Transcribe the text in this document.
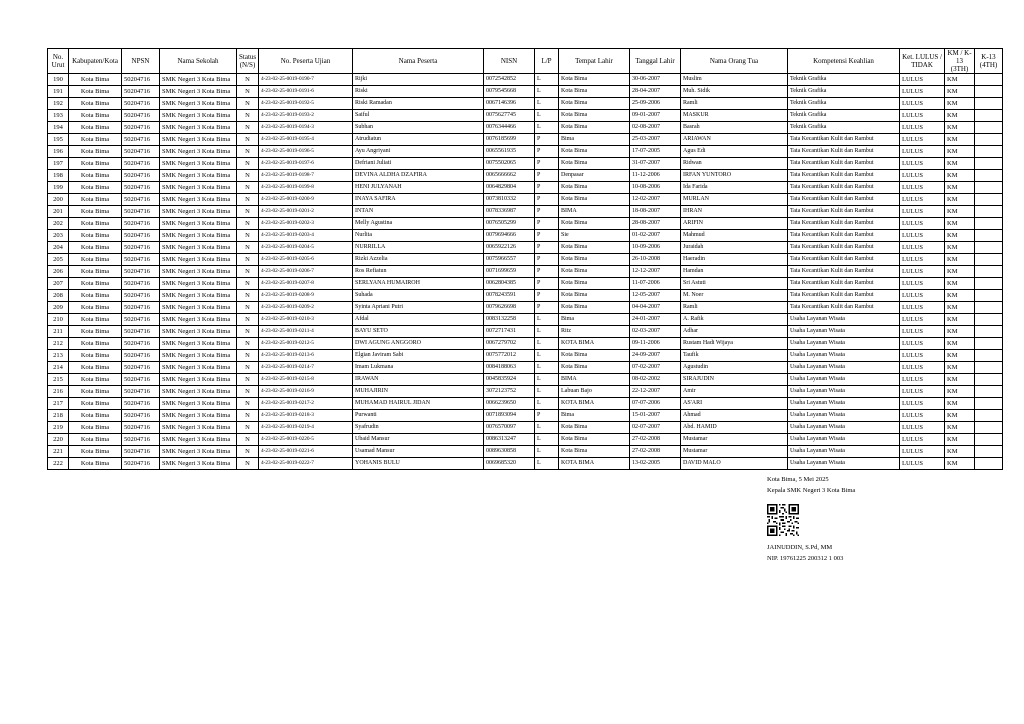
No. Urut	Kabupaten/Kota	NPSN	Nama Sekolah	Status (N/S)	No. Peserta Ujian	Nama Peserta	NISN	L/P	Tempat Lahir	Tanggal Lahir	Nama Orang Tua	Kompetensi Keahlian	Ket. LULUS / TIDAK	KM / K-13 (3TH)	K-13 (4TH)
190	Kota Bima	50204716	SMK Negeri 3 Kota Bima	N	4-23-02-25-0019-0190-7	Rijki	0072542852	L	Kota Bima	30-06-2007	Muslim	Teknik Grafika	LULUS	KM	
191	Kota Bima	50204716	SMK Negeri 3 Kota Bima	N	4-23-02-25-0019-0191-6	Riski	0079545668	L	Kota Bima	28-04-2007	Muh. Sidik	Teknik Grafika	LULUS	KM	
192	Kota Bima	50204716	SMK Negeri 3 Kota Bima	N	4-23-02-25-0019-0192-5	Riski Ramadan	0067146396	L	Kota Bima	25-09-2006	Ramli	Teknik Grafika	LULUS	KM	
193	Kota Bima	50204716	SMK Negeri 3 Kota Bima	N	4-23-02-25-0019-0193-2	Saiful	0075627745	L	Kota Bima	09-01-2007	MASKUR	Teknik Grafika	LULUS	KM	
194	Kota Bima	50204716	SMK Negeri 3 Kota Bima	N	4-23-02-25-0019-0194-3	Subhan	0076344466	L	Kota Bima	02-08-2007	Basrah	Teknik Grafika	LULUS	KM	
195	Kota Bima	50204716	SMK Negeri 3 Kota Bima	N	4-23-02-25-0019-0195-4	Atrudiatun	0076185699	P	Bima	25-03-2007	ARIAWAN	Tata Kecantikan Kulit dan Rambut	LULUS	KM	
196	Kota Bima	50204716	SMK Negeri 3 Kota Bima	N	4-23-02-25-0019-0196-5	Ayu Angriyani	0065561935	P	Kota Bima	17-07-2005	Agus Edi	Tata Kecantikan Kulit dan Rambut	LULUS	KM	
197	Kota Bima	50204716	SMK Negeri 3 Kota Bima	N	4-23-02-25-0019-0197-6	Defriani Juliati	0075502065	P	Kota Bima	31-07-2007	Ridwan	Tata Kecantikan Kulit dan Rambut	LULUS	KM	
198	Kota Bima	50204716	SMK Negeri 3 Kota Bima	N	4-23-02-25-0019-0198-7	DEVINA ALDHA DZAFIRA	0065666662	P	Denpasar	11-12-2006	IRFAN YUNTORO	Tata Kecantikan Kulit dan Rambut	LULUS	KM	
199	Kota Bima	50204716	SMK Negeri 3 Kota Bima	N	4-23-02-25-0019-0199-8	HENI JULYANAH	0064829804	P	Kota Bima	10-08-2006	Ida Farida	Tata Kecantikan Kulit dan Rambut	LULUS	KM	
200	Kota Bima	50204716	SMK Negeri 3 Kota Bima	N	4-23-02-25-0019-0200-9	INAYA SAFIRA	0073810332	P	Kota Bima	12-02-2007	MURLAN	Tata Kecantikan Kulit dan Rambut	LULUS	KM	
201	Kota Bima	50204716	SMK Negeri 3 Kota Bima	N	4-23-02-25-0019-0201-2	INTAN	0078336987	P	BIMA	18-08-2007	IHRAN	Tata Kecantikan Kulit dan Rambut	LULUS	KM	
202	Kota Bima	50204716	SMK Negeri 3 Kota Bima	N	4-23-02-25-0019-0202-3	Melly Agustina	0076505299	P	Kota Bima	28-08-2007	ARIFIN	Tata Kecantikan Kulit dan Rambut	LULUS	KM	
203	Kota Bima	50204716	SMK Negeri 3 Kota Bima	N	4-23-02-25-0019-0203-4	Nurlita	0079694666	P	Sie	01-02-2007	Mahmud	Tata Kecantikan Kulit dan Rambut	LULUS	KM	
204	Kota Bima	50204716	SMK Negeri 3 Kota Bima	N	4-23-02-25-0019-0204-5	NURRILLA	0065922126	P	Kota Bima	10-09-2006	Juraidah	Tata Kecantikan Kulit dan Rambut	LULUS	KM	
205	Kota Bima	50204716	SMK Negeri 3 Kota Bima	N	4-23-02-25-0019-0205-6	Rizki Azzelia	0075966557	P	Kota Bima	26-10-2008	Haeradin	Tata Kecantikan Kulit dan Rambut	LULUS	KM	
206	Kota Bima	50204716	SMK Negeri 3 Kota Bima	N	4-23-02-25-0019-0206-7	Ros Refiatun	0071699659	P	Kota Bima	12-12-2007	Hamdan	Tata Kecantikan Kulit dan Rambut	LULUS	KM	
207	Kota Bima	50204716	SMK Negeri 3 Kota Bima	N	4-23-02-25-0019-0207-8	SERLYANA HUMAIROH	0062804385	P	Kota Bima	11-07-2006	Sri Astuti	Tata Kecantikan Kulit dan Rambut	LULUS	KM	
208	Kota Bima	50204716	SMK Negeri 3 Kota Bima	N	4-23-02-25-0019-0208-9	Suhada	0078243591	P	Kota Bima	12-05-2007	M. Noer	Tata Kecantikan Kulit dan Rambut	LULUS	KM	
209	Kota Bima	50204716	SMK Negeri 3 Kota Bima	N	4-23-02-25-0019-0209-2	Syinta Apriani Putri	0079626698	P	Kota Bima	04-04-2007	Ramli	Tata Kecantikan Kulit dan Rambut	LULUS	KM	
210	Kota Bima	50204716	SMK Negeri 3 Kota Bima	N	4-23-02-25-0019-0210-3	Afdal	0083132258	L	Bima	24-01-2007	A. Rafik	Usaha Layanan Wisata	LULUS	KM	
211	Kota Bima	50204716	SMK Negeri 3 Kota Bima	N	4-23-02-25-0019-0211-4	BAYU SETO	0072717431	L	Ritz	02-03-2007	Adhar	Usaha Layanan Wisata	LULUS	KM	
212	Kota Bima	50204716	SMK Negeri 3 Kota Bima	N	4-23-02-25-0019-0212-5	DWI AGUNG ANGGORO	0067279702	L	KOTA BIMA	09-11-2006	Rustam Hadi Wijaya	Usaha Layanan Wisata	LULUS	KM	
213	Kota Bima	50204716	SMK Negeri 3 Kota Bima	N	4-23-02-25-0019-0213-6	Elgian Javiram Sabi	0075772012	L	Kota Bima	24-09-2007	Taufik	Usaha Layanan Wisata	LULUS	KM	
214	Kota Bima	50204716	SMK Negeri 3 Kota Bima	N	4-23-02-25-0019-0214-7	Imam Lukmana	0084188063	L	Kota Bima	07-02-2007	Agustudin	Usaha Layanan Wisata	LULUS	KM	
215	Kota Bima	50204716	SMK Negeri 3 Kota Bima	N	4-23-02-25-0019-0215-8	IRAWAN	0045835924	L	BIMA	08-02-2002	SIRAJUDIN	Usaha Layanan Wisata	LULUS	KM	
216	Kota Bima	50204716	SMK Negeri 3 Kota Bima	N	4-23-02-25-0019-0216-9	MUHAJIRIN	3072123752	L	Labuan Bajo	22-12-2007	Amir	Usaha Layanan Wisata	LULUS	KM	
217	Kota Bima	50204716	SMK Negeri 3 Kota Bima	N	4-23-02-25-0019-0217-2	MUHAMAD HAIRUL JIDAN	0066239650	L	KOTA BIMA	07-07-2006	AS'ARI	Usaha Layanan Wisata	LULUS	KM	
218	Kota Bima	50204716	SMK Negeri 3 Kota Bima	N	4-23-02-25-0019-0218-3	Purwanti	0071893094	P	Bima	15-01-2007	Ahmad	Usaha Layanan Wisata	LULUS	KM	
219	Kota Bima	50204716	SMK Negeri 3 Kota Bima	N	4-23-02-25-0019-0219-4	Syafrudin	0076570097	L	Kota Bima	02-07-2007	Abd. HAMID	Usaha Layanan Wisata	LULUS	KM	
220	Kota Bima	50204716	SMK Negeri 3 Kota Bima	N	4-23-02-25-0019-0220-5	Ubaid Mansur	0086313247	L	Kota Bima	27-02-2008	Mustamar	Usaha Layanan Wisata	LULUS	KM	
221	Kota Bima	50204716	SMK Negeri 3 Kota Bima	N	4-23-02-25-0019-0221-6	Usamad Mansur	0089630858	L	Kota Bima	27-02-2008	Mustamar	Usaha Layanan Wisata	LULUS	KM	
222	Kota Bima	50204716	SMK Negeri 3 Kota Bima	N	4-23-02-25-0019-0222-7	YOHANIS BULU	0069685320	L	KOTA BIMA	13-02-2005	DAVID MALO	Usaha Layanan Wisata	LULUS	KM	
Kota Bima, 5 Mei 2025
Kepala SMK Negeri 3 Kota Bima
JAINUDDIN, S.Pd, MM
NIP. 19761225 200312 1 003
